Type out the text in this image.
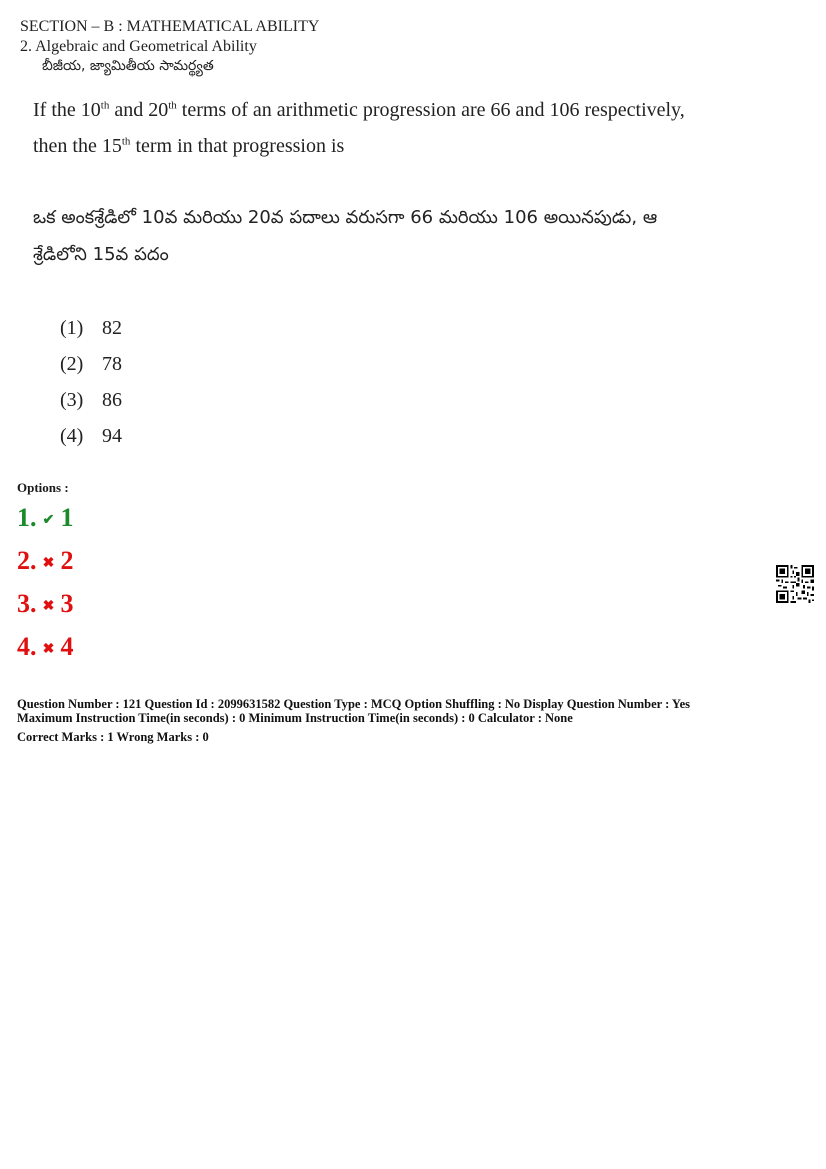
SECTION – B : MATHEMATICAL ABILITY
2. Algebraic and Geometrical Ability
బీజీయ, జ్యామితీయ సామర్థ్యత
If the 10th and 20th terms of an arithmetic progression are 66 and 106 respectively,
then the 15th term in that progression is
ఒక అంకశ్రేడిలో 10వ మరియు 20వ పదాలు వరుసగా 66 మరియు 106 అయినపుడు, ఆ
శ్రేడిలోని 15వ పదం
(1) 82
(2) 78
(3) 86
(4) 94
Options :
1. ✔ 1
2. ✖ 2
3. ✖ 3
4. ✖ 4
Question Number : 121 Question Id : 2099631582 Question Type : MCQ Option Shuffling : No Display Question Number : Yes
Maximum Instruction Time(in seconds) : 0 Minimum Instruction Time(in seconds) : 0 Calculator : None
Correct Marks : 1 Wrong Marks : 0
